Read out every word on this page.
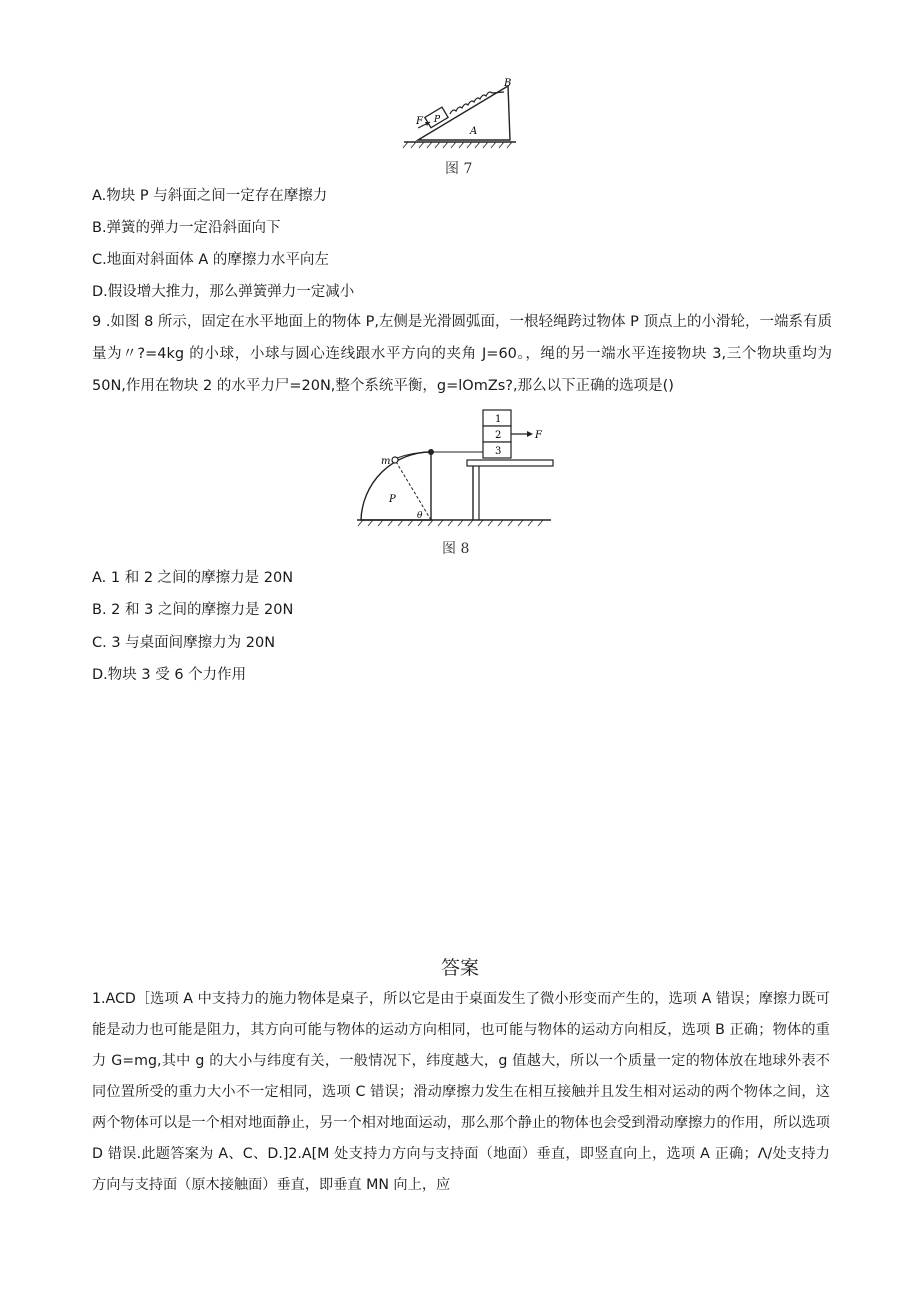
F P
A
B
图 7
A.物块 P 与斜面之间一定存在摩擦力
B.弹簧的弹力一定沿斜面向下
C.地面对斜面体 A 的摩擦力水平向左
D.假设增大推力，那么弹簧弹力一定减小
9 .如图 8 所示，固定在水平地面上的物体 P,左侧是光滑圆弧面，一根轻绳跨过物体 P 顶点上的小滑轮，一端系有质量为〃?=4kg 的小球，小球与圆心连线跟水平方向的夹角 J=60。，绳的另一端水平连接物块 3,三个物块重均为 50N,作用在物块 2 的水平力尸=20N,整个系统平衡，g=lOmZs?,那么以下正确的选项是()
1
2
3
F
m
P
θ
图 8
A. 1 和 2 之间的摩擦力是 20N
B. 2 和 3 之间的摩擦力是 20N
C. 3 与桌面间摩擦力为 20N
D.物块 3 受 6 个力作用
答案
1.ACD［选项 A 中支持力的施力物体是桌子，所以它是由于桌面发生了微小形变而产生的，选项 A 错误；摩擦力既可能是动力也可能是阻力，其方向可能与物体的运动方向相同，也可能与物体的运动方向相反，选项 B 正确；物体的重力 G=mg,其中 g 的大小与纬度有关，一般情况下，纬度越大，g 值越大，所以一个质量一定的物体放在地球外表不同位置所受的重力大小不一定相同，选项 C 错误；滑动摩擦力发生在相互接触并且发生相对运动的两个物体之间，这两个物体可以是一个相对地面静止，另一个相对地面运动，那么那个静止的物体也会受到滑动摩擦力的作用，所以选项 D 错误.此题答案为 A、C、D.]2.A[M 处支持力方向与支持面（地面）垂直，即竖直向上，选项 A 正确；Λ/处支持力方向与支持面（原木接触面）垂直，即垂直 MN 向上，应
